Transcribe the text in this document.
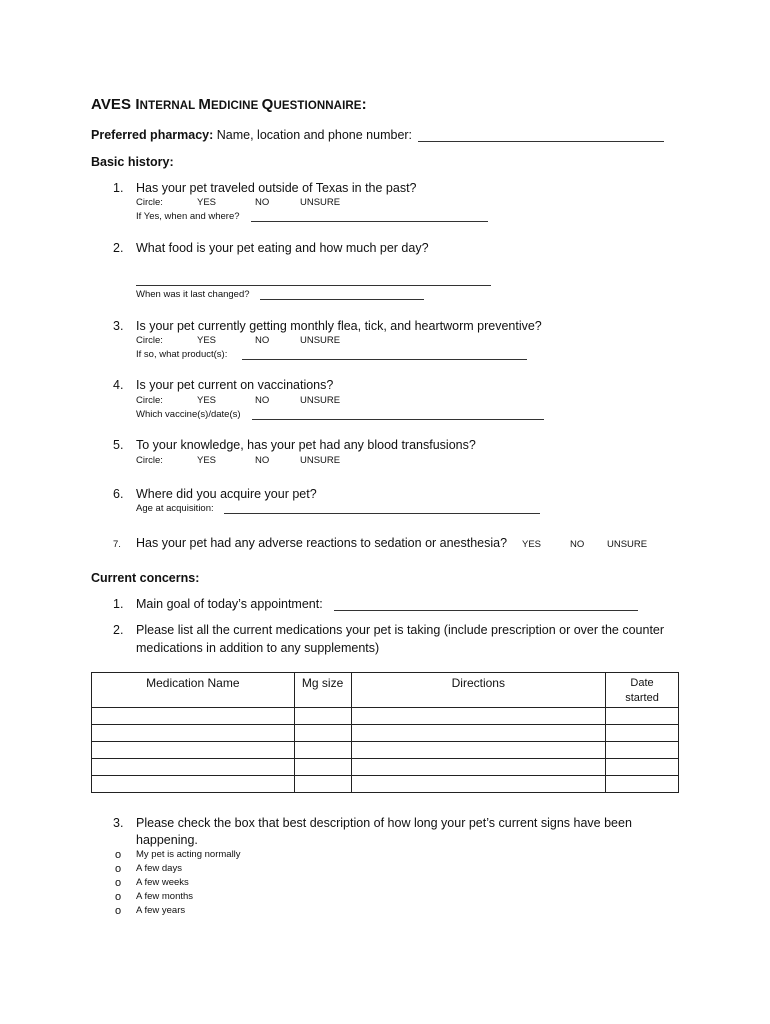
AVES INTERNAL MEDICINE QUESTIONNAIRE:
Preferred pharmacy: Name, location and phone number:
Basic history:
1. Has your pet traveled outside of Texas in the past?
Circle:	YES	NO	UNSURE
If Yes, when and where?
2. What food is your pet eating and how much per day?
When was it last changed?
3. Is your pet currently getting monthly flea, tick, and heartworm preventive?
Circle:	YES	NO	UNSURE
If so, what product(s):
4. Is your pet current on vaccinations?
Circle:	YES	NO	UNSURE
Which vaccine(s)/date(s)
5. To your knowledge, has your pet had any blood transfusions?
Circle:	YES	NO	UNSURE
6. Where did you acquire your pet?
Age at acquisition:
7. Has your pet had any adverse reactions to sedation or anesthesia? YES	NO UNSURE
Current concerns:
1. Main goal of today’s appointment:
2. Please list all the current medications your pet is taking (include prescription or over the counter
medications in addition to any supplements)
Medication Name	Mg size	Directions	Date
started

3. Please check the box that best description of how long your pet’s current signs have been
happening.
o My pet is acting normally
o A few days
o A few weeks
o A few months
o A few years
